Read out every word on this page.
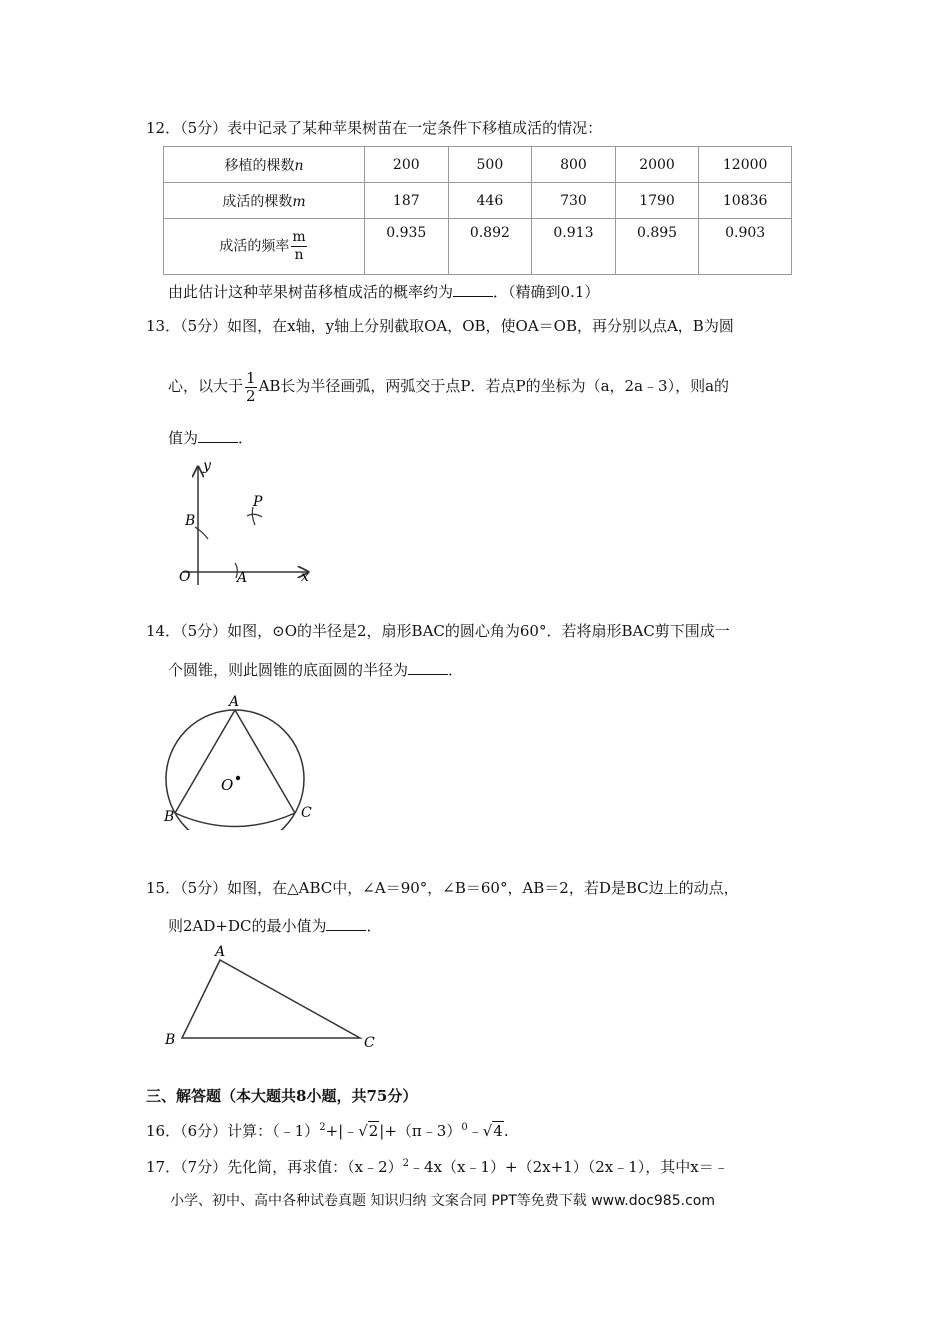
12．（5分）表中记录了某种苹果树苗在一定条件下移植成活的情况：
移植的棵数n	200	500	800	2000	12000
成活的棵数m	187	446	730	1790	10836
成活的频率 $\frac{m}{n}$	0.935	0.892	0.913	0.895	0.903
由此估计这种苹果树苗移植成活的概率约为	．（精确到0.1）
13．（5分）如图，在x轴，y轴上分别截取OA，OB，使OA＝OB，再分别以点A，B为圆
心，以大于 $\frac{1}{2}$ AB长为半径画弧，两弧交于点P．若点P的坐标为（a，2a﹣3），则a的
值为	．
y
P
B
O	A	x
14．（5分）如图，⊙O的半径是2，扇形BAC的圆心角为60°．若将扇形BAC剪下围成一
个圆锥，则此圆锥的底面圆的半径为	．
A
O
B	C
15．（5分）如图，在△ABC中，∠A＝90°，∠B＝60°，AB＝2，若D是BC边上的动点，
则2AD+DC的最小值为	．
A
B	C
三、解答题（本大题共8小题，共75分）
16．（6分）计算：（﹣1）$^2$+|﹣√2|+（π﹣3）$^0$﹣√4.
17．（7分）先化简，再求值：（x﹣2）$^2$﹣4x（x﹣1）+（2x+1）（2x﹣1），其中x＝﹣
小学、初中、高中各种试卷真题 知识归纳 文案合同 PPT等免费下载 www.doc985.com
